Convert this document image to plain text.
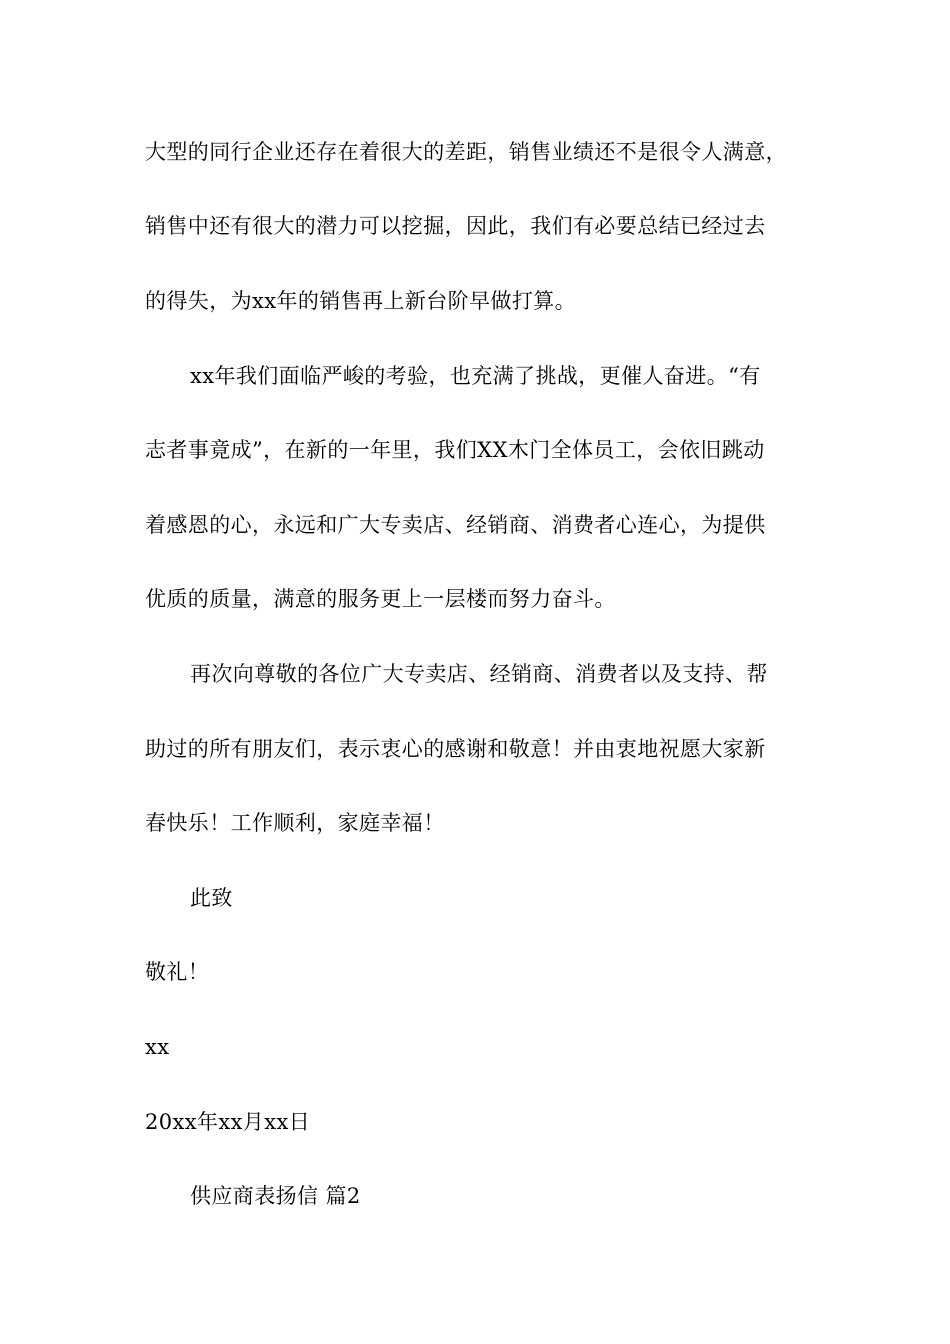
大型的同行企业还存在着很大的差距，销售业绩还不是很令人满意，
销售中还有很大的潜力可以挖掘，因此，我们有必要总结已经过去
的得失，为xx年的销售再上新台阶早做打算。
xx年我们面临严峻的考验，也充满了挑战，更催人奋进。“有
志者事竟成”，在新的一年里，我们XX木门全体员工，会依旧跳动
着感恩的心，永远和广大专卖店、经销商、消费者心连心，为提供
优质的质量，满意的服务更上一层楼而努力奋斗。
再次向尊敬的各位广大专卖店、经销商、消费者以及支持、帮
助过的所有朋友们，表示衷心的感谢和敬意！并由衷地祝愿大家新
春快乐！工作顺利，家庭幸福！
此致
敬礼！
xx
20xx年xx月xx日
供应商表扬信 篇2
